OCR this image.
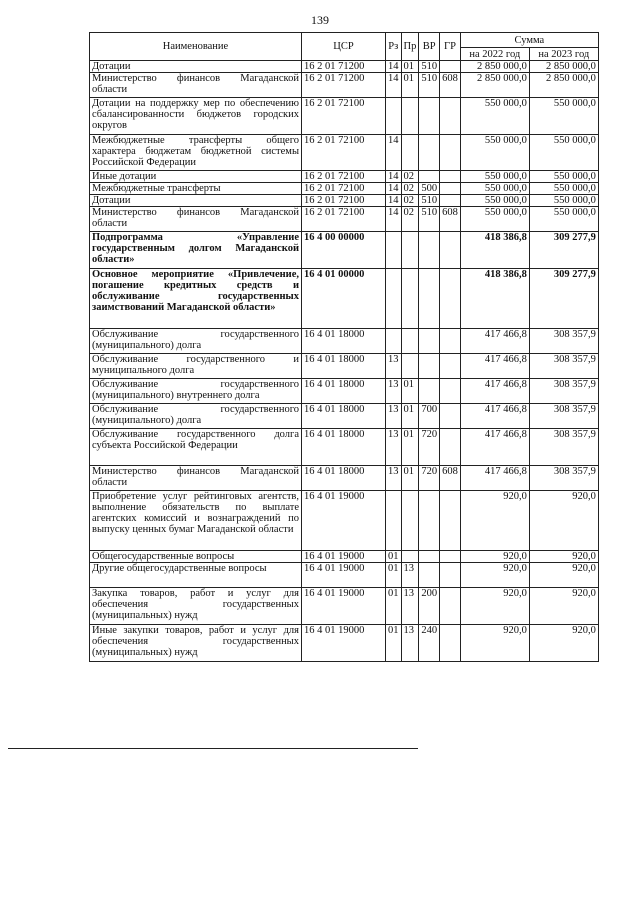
139
Наименование	ЦСР	Рз	Пр	ВР	ГР	Сумма	
						на 2022 год	на 2023 год
Дотации	16 2 01 71200	14	01	510		2 850 000,0	2 850 000,0
Министерство финансов Магаданской области	16 2 01 71200	14	01	510	608	2 850 000,0	2 850 000,0
Дотации на поддержку мер по обеспечению сбалансированности бюджетов городских округов	16 2 01 72100					550 000,0	550 000,0
Межбюджетные трансферты общего характера бюджетам бюджетной системы Российской Федерации	16 2 01 72100	14				550 000,0	550 000,0
Иные дотации	16 2 01 72100	14	02			550 000,0	550 000,0
Межбюджетные трансферты	16 2 01 72100	14	02	500		550 000,0	550 000,0
Дотации	16 2 01 72100	14	02	510		550 000,0	550 000,0
Министерство финансов Магаданской области	16 2 01 72100	14	02	510	608	550 000,0	550 000,0
Подпрограмма «Управление государственным долгом Магаданской области»	16 4 00 00000					418 386,8	309 277,9
Основное мероприятие «Привлечение, погашение кредитных средств и обслуживание государственных заимствований Магаданской области»	16 4 01 00000					418 386,8	309 277,9
Обслуживание государственного (муниципального) долга	16 4 01 18000					417 466,8	308 357,9
Обслуживание государственного и муниципального долга	16 4 01 18000	13				417 466,8	308 357,9
Обслуживание государственного (муниципального) внутреннего долга	16 4 01 18000	13	01			417 466,8	308 357,9
Обслуживание государственного (муниципального) долга	16 4 01 18000	13	01	700		417 466,8	308 357,9
Обслуживание государственного долга субъекта Российской Федерации	16 4 01 18000	13	01	720		417 466,8	308 357,9
Министерство финансов Магаданской области	16 4 01 18000	13	01	720	608	417 466,8	308 357,9
Приобретение услуг рейтинговых агентств, выполнение обязательств по выплате агентских комиссий и вознаграждений по выпуску ценных бумаг Магаданской области	16 4 01 19000					920,0	920,0
Общегосударственные вопросы	16 4 01 19000	01				920,0	920,0
Другие общегосударственные вопросы	16 4 01 19000	01	13			920,0	920,0
Закупка товаров, работ и услуг для обеспечения государственных (муниципальных) нужд	16 4 01 19000	01	13	200		920,0	920,0
Иные закупки товаров, работ и услуг для обеспечения государственных (муниципальных) нужд	16 4 01 19000	01	13	240		920,0	920,0
